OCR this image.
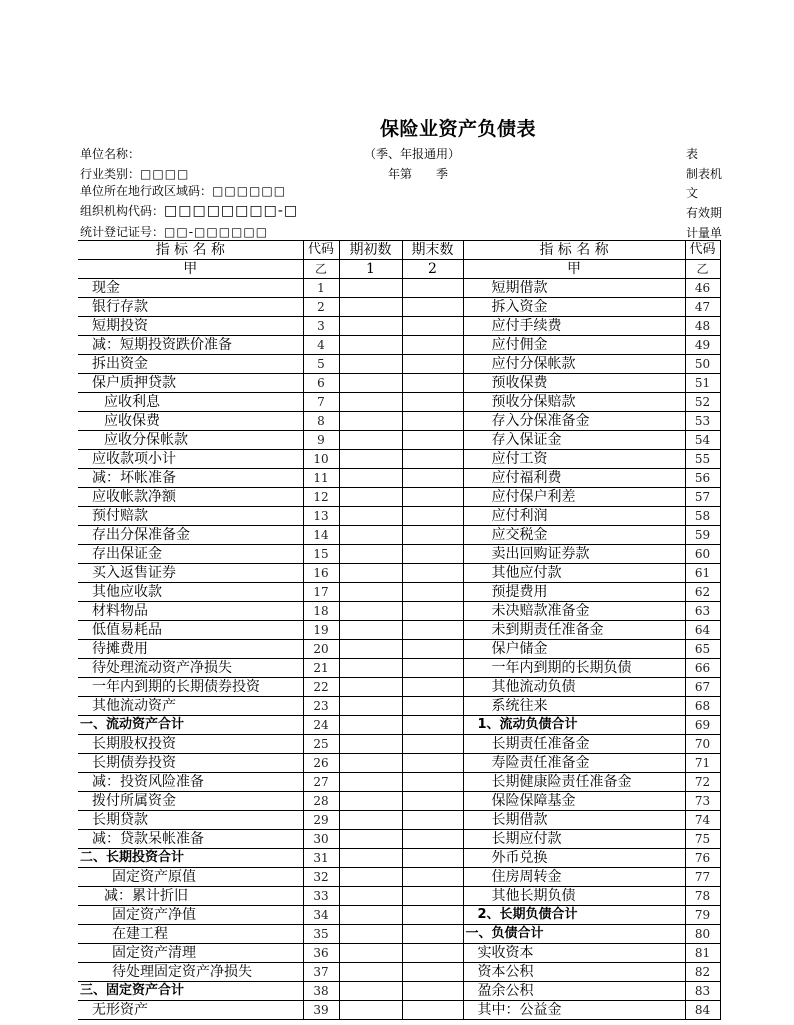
保险业资产负债表
单位名称：	（季、年报通用）
行业类别：□□□□	年第　　季
单位所在地行政区域码：□□□□□□
组织机构代码：□□□□□□□□-□
统计登记证号：□□-□□□□□□
表
制表机
文
有效期
计量单
指 标 名 称	代码	期初数	期末数	指 标 名 称	代码
甲	乙	1	2	甲	乙
现金	1			短期借款	46
银行存款	2			拆入资金	47
短期投资	3			应付手续费	48
减：短期投资跌价准备	4			应付佣金	49
拆出资金	5			应付分保帐款	50
保户质押贷款	6			预收保费	51
应收利息	7			预收分保赔款	52
应收保费	8			存入分保准备金	53
应收分保帐款	9			存入保证金	54
应收款项小计	10			应付工资	55
减：坏帐准备	11			应付福利费	56
应收帐款净额	12			应付保户利差	57
预付赔款	13			应付利润	58
存出分保准备金	14			应交税金	59
存出保证金	15			卖出回购证券款	60
买入返售证券	16			其他应付款	61
其他应收款	17			预提费用	62
材料物品	18			未决赔款准备金	63
低值易耗品	19			未到期责任准备金	64
待摊费用	20			保户储金	65
待处理流动资产净损失	21			一年内到期的长期负债	66
一年内到期的长期债券投资	22			其他流动负债	67
其他流动资产	23			系统往来	68
一、流动资产合计	24			1、流动负债合计	69
长期股权投资	25			长期责任准备金	70
长期债券投资	26			寿险责任准备金	71
减：投资风险准备	27			长期健康险责任准备金	72
拨付所属资金	28			保险保障基金	73
长期贷款	29			长期借款	74
减：贷款呆帐准备	30			长期应付款	75
二、长期投资合计	31			外币兑换	76
固定资产原值	32			住房周转金	77
减：累计折旧	33			其他长期负债	78
固定资产净值	34			2、长期负债合计	79
在建工程	35			一、负债合计	80
固定资产清理	36			实收资本	81
待处理固定资产净损失	37			资本公积	82
三、固定资产合计	38			盈余公积	83
无形资产	39			其中：公益金	84
